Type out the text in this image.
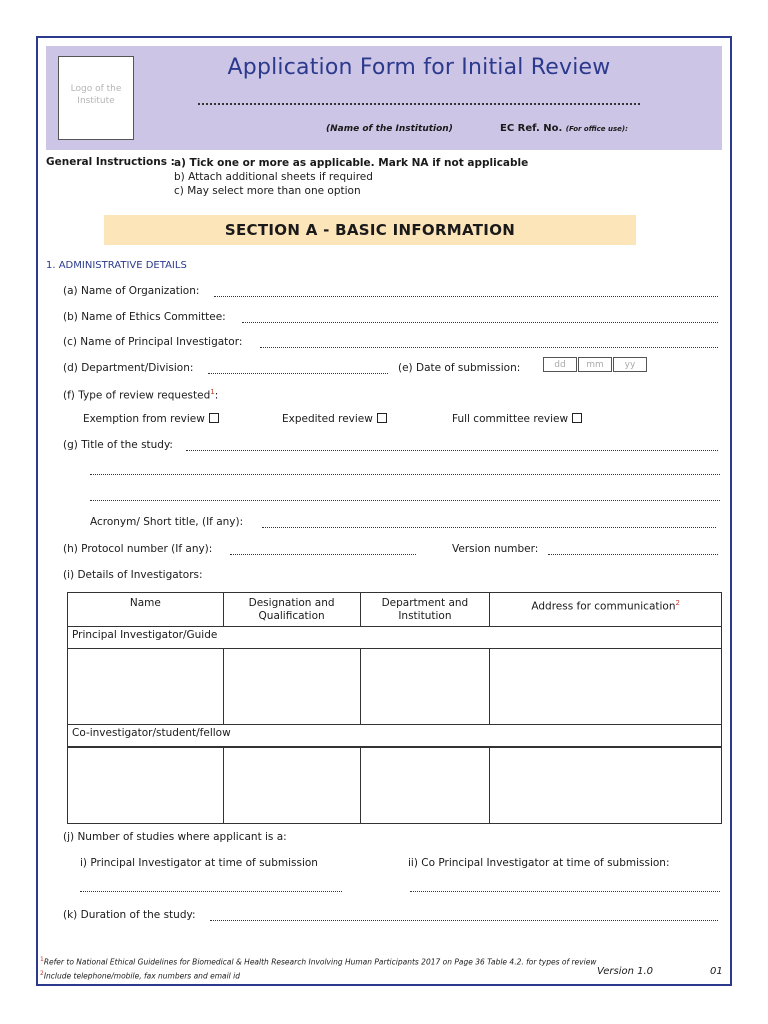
Logo of the Institute
Application Form for Initial Review
(Name of the Institution)	EC Ref. No. (For office use):
General Instructions : a) Tick one or more as applicable. Mark NA if not applicable
b) Attach additional sheets if required
c) May select more than one option
SECTION A - BASIC INFORMATION
1. ADMINISTRATIVE DETAILS
(a) Name of Organization:
(b) Name of Ethics Committee:
(c) Name of Principal Investigator:
(d) Department/Division:	(e) Date of submission:	dd	mm	yy
(f) Type of review requested$^1$:
Exemption from review	Expedited review	Full committee review
(g) Title of the study:
Acronym/ Short title, (If any):
(h) Protocol number (If any):	Version number:
(i) Details of Investigators:
Name	Designation and Qualification	Department and Institution	Address for communication$^2$
Principal Investigator/Guide			

Co-investigator/student/fellow			

(j) Number of studies where applicant is a:
i) Principal Investigator at time of submission	ii) Co Principal Investigator at time of submission:
(k) Duration of the study:
$^1$Refer to National Ethical Guidelines for Biomedical & Health Research Involving Human Participants 2017 on Page 36 Table 4.2. for types of review
$^2$Include telephone/mobile, fax numbers and email id	Version 1.0	01
